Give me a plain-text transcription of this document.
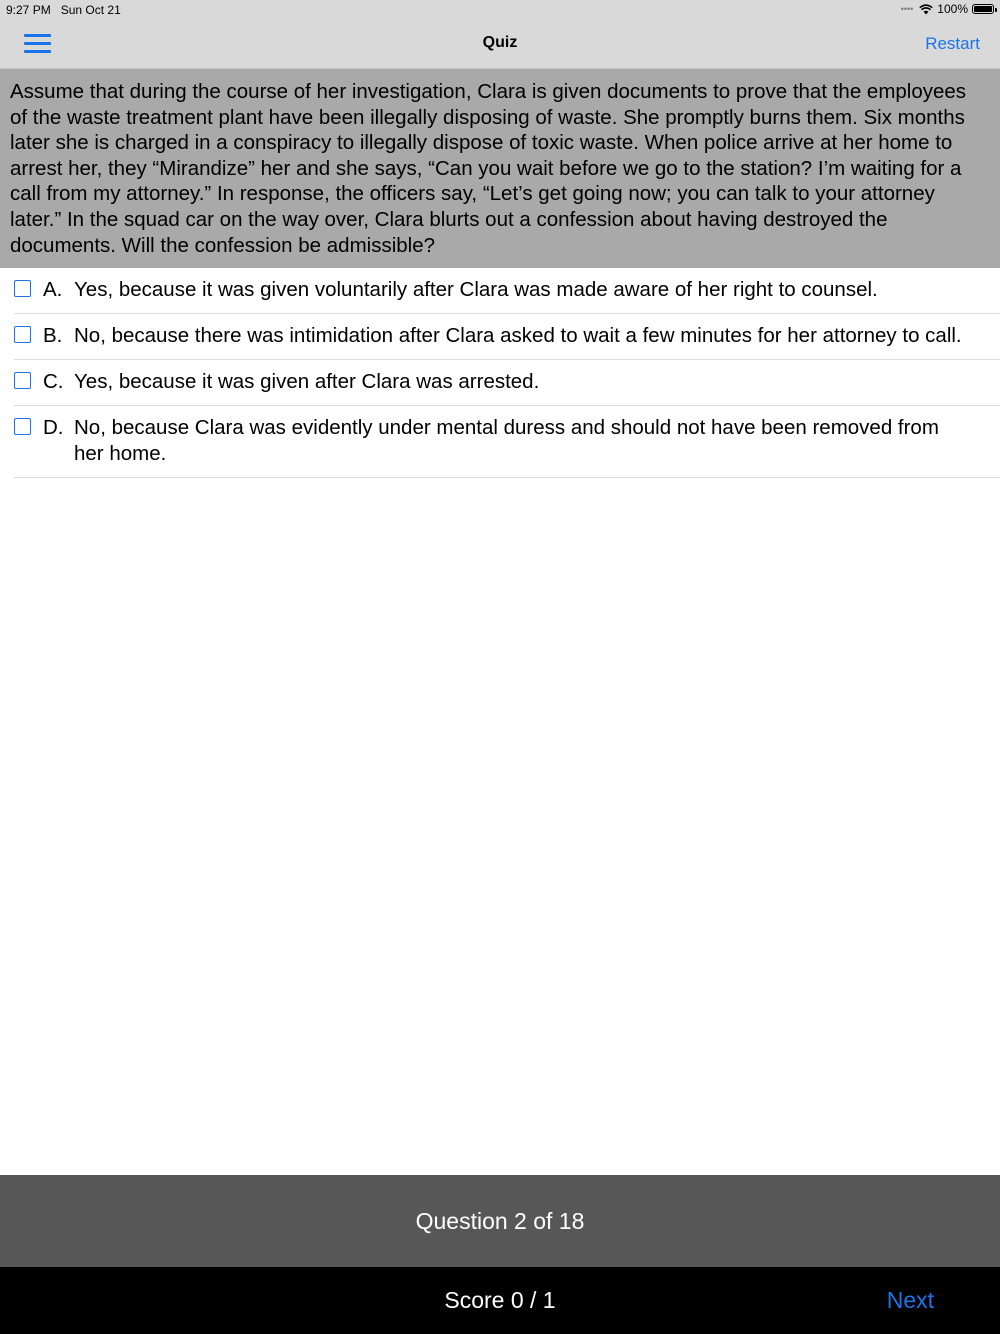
9:27 PM Sun Oct 21	•••• 100%
Quiz	Restart
Assume that during the course of her investigation, Clara is given documents to prove that the employees of the waste treatment plant have been illegally disposing of waste. She promptly burns them. Six months later she is charged in a conspiracy to illegally dispose of toxic waste. When police arrive at her home to arrest her, they “Mirandize” her and she says, “Can you wait before we go to the station? I’m waiting for a call from my attorney.” In response, the officers say, “Let’s get going now; you can talk to your attorney later.” In the squad car on the way over, Clara blurts out a confession about having destroyed the documents. Will the confession be admissible?
A. Yes, because it was given voluntarily after Clara was made aware of her right to counsel.
B. No, because there was intimidation after Clara asked to wait a few minutes for her attorney to call.
C. Yes, because it was given after Clara was arrested.
D. No, because Clara was evidently under mental duress and should not have been removed from her home.
Question 2 of 18
Score 0 / 1	Next
